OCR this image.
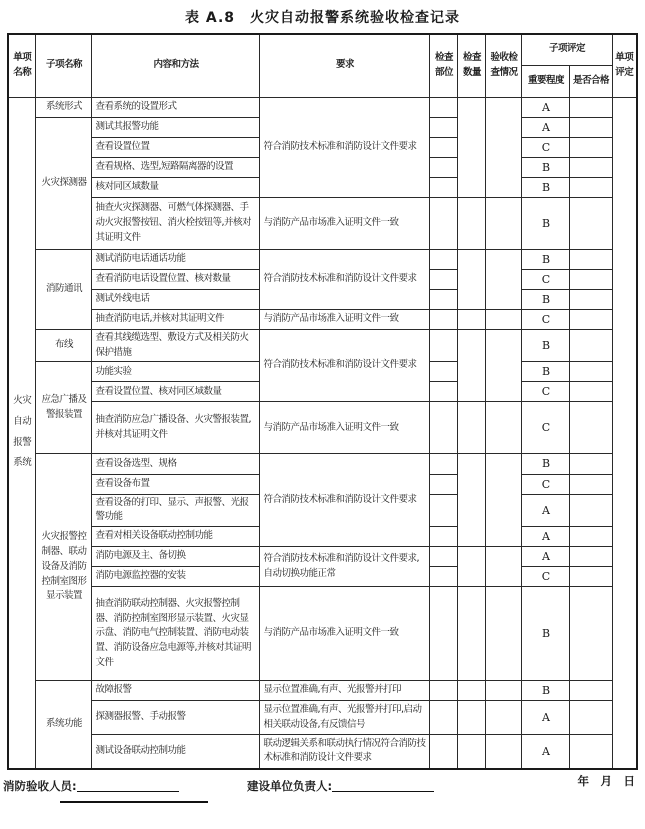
表 A.8　火灾自动报警系统验收检查记录
单项名称	子项名称	内容和方法	要求	检查部位	检查数量	验收检查情况	子项评定		单项评定
							重要程度	是否合格	
火灾自动报警系统	系统形式	查看系统的设置形式	符合消防技术标准和消防设计文件要求				A		
	火灾探测器	测试其报警功能					A		
		查看设置位置					C		
		查看规格、选型,短路隔离器的设置					B		
		核对同区域数量					B		
		抽查火灾探测器、可燃气体探测器、手动火灾报警按钮、消火栓按钮等,并核对其证明文件	与消防产品市场准入证明文件一致				B		
	消防通讯	测试消防电话通话功能	符合消防技术标准和消防设计文件要求				B		
		查看消防电话设置位置、核对数量					C		
		测试外线电话					B		
		抽查消防电话,并核对其证明文件	与消防产品市场准入证明文件一致				C		
	布线	查看其线缆选型、敷设方式及相关防火保护措施	符合消防技术标准和消防设计文件要求				B		
	应急广播及警报装置	功能实验					B		
		查看设置位置、核对同区域数量					C		
		抽查消防应急广播设备、火灾警报装置,并核对其证明文件	与消防产品市场准入证明文件一致				C		
	火灾报警控制器、联动设备及消防控制室图形显示装置	查看设备选型、规格	符合消防技术标准和消防设计文件要求				B		
		查看设备布置					C		
		查看设备的打印、显示、声报警、光报警功能					A		
		查看对相关设备联动控制功能					A		
		消防电源及主、备切换	符合消防技术标准和消防设计文件要求,自动切换功能正常				A		
		消防电源监控器的安装					C		
		抽查消防联动控制器、火灾报警控制器、消防控制室图形显示装置、火灾显示盘、消防电气控制装置、消防电动装置、消防设备应急电源等,并核对其证明文件	与消防产品市场准入证明文件一致				B		
	系统功能	故障报警	显示位置准确,有声、光报警并打印				B		
		探测器报警、手动报警	显示位置准确,有声、光报警并打印,启动相关联动设备,有反馈信号				A		
		测试设备联动控制功能	联动逻辑关系和联动执行情况符合消防技术标准和消防设计文件要求				A		
消防验收人员:	建设单位负责人:	年　月　日
